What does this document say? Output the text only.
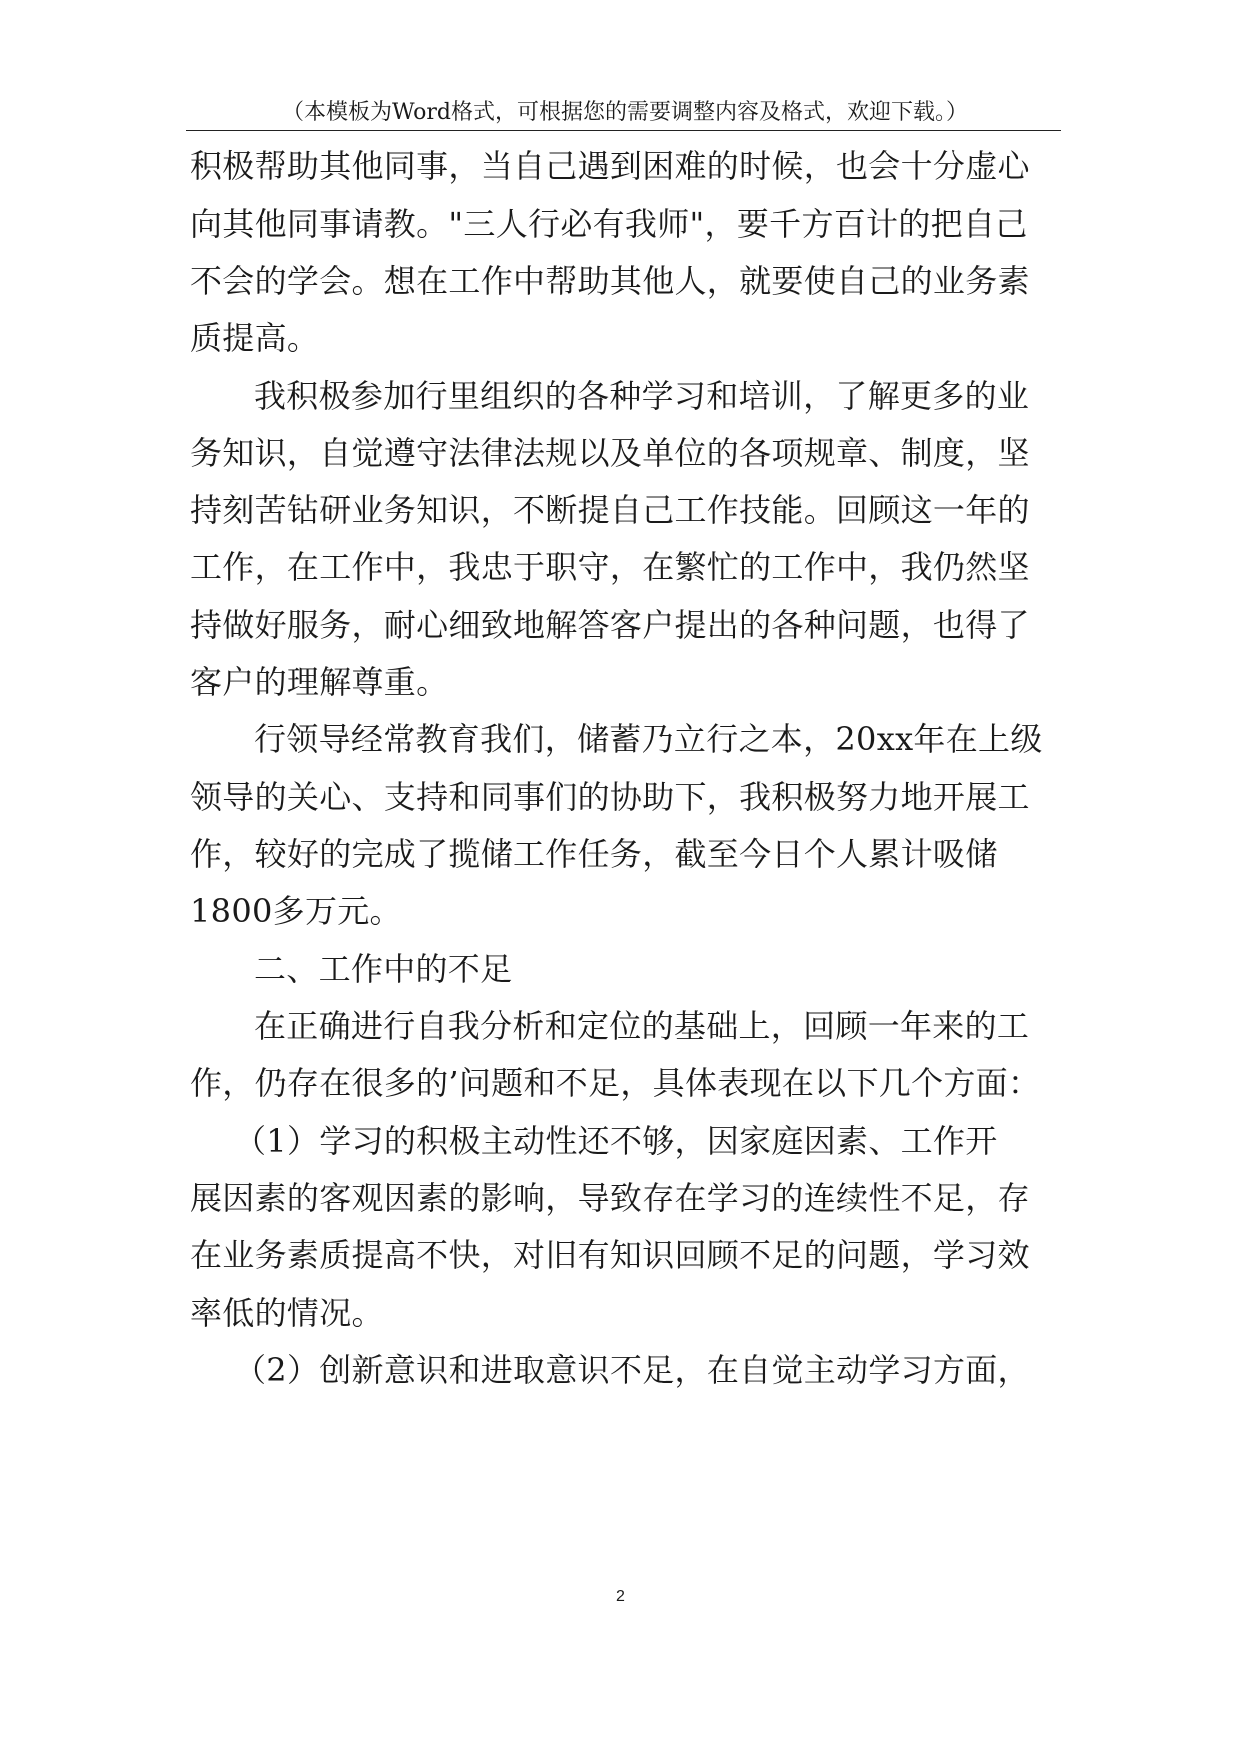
（本模板为Word格式，可根据您的需要调整内容及格式，欢迎下载。）
积极帮助其他同事，当自己遇到困难的时候，也会十分虚心
向其他同事请教。"三人行必有我师"，要千方百计的把自己
不会的学会。想在工作中帮助其他人，就要使自己的业务素
质提高。
我积极参加行里组织的各种学习和培训，了解更多的业
务知识，自觉遵守法律法规以及单位的各项规章、制度，坚
持刻苦钻研业务知识，不断提自己工作技能。回顾这一年的
工作，在工作中，我忠于职守，在繁忙的工作中，我仍然坚
持做好服务，耐心细致地解答客户提出的各种问题，也得了
客户的理解尊重。
行领导经常教育我们，储蓄乃立行之本，20xx年在上级
领导的关心、支持和同事们的协助下，我积极努力地开展工
作，较好的完成了揽储工作任务，截至今日个人累计吸储
1800多万元。
二、工作中的不足
在正确进行自我分析和定位的基础上，回顾一年来的工
作，仍存在很多的’问题和不足，具体表现在以下几个方面：
（1）学习的积极主动性还不够，因家庭因素、工作开
展因素的客观因素的影响，导致存在学习的连续性不足，存
在业务素质提高不快，对旧有知识回顾不足的问题，学习效
率低的情况。
（2）创新意识和进取意识不足，在自觉主动学习方面，
2
